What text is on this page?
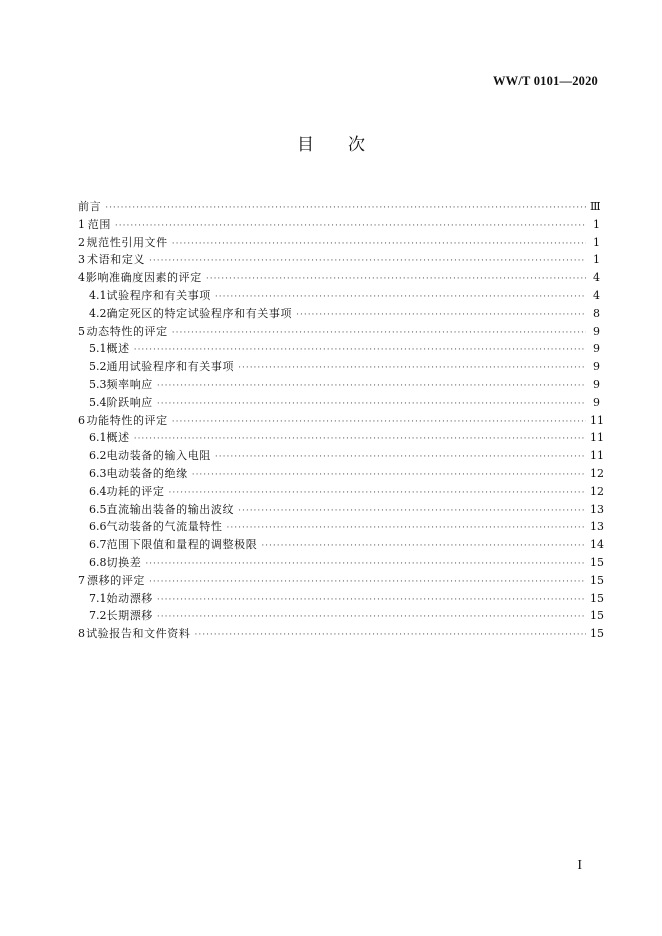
WW/T 0101—2020
目 次
前言 ·····	Ⅲ
1 范围 ·····	1
2 规范性引用文件 ·····	1
3 术语和定义 ·····	1
4 影响准确度因素的评定 ·····	4
4.1 试验程序和有关事项 ·····	4
4.2 确定死区的特定试验程序和有关事项 ·····	8
5 动态特性的评定 ·····	9
5.1 概述 ·····	9
5.2 通用试验程序和有关事项 ·····	9
5.3 频率响应 ·····	9
5.4 阶跃响应 ·····	9
6 功能特性的评定 ·····	11
6.1 概述 ·····	11
6.2 电动装备的输入电阻 ·····	11
6.3 电动装备的绝缘 ·····	12
6.4 功耗的评定 ·····	12
6.5 直流输出装备的输出波纹 ·····	13
6.6 气动装备的气流量特性 ·····	13
6.7 范围下限值和量程的调整极限 ·····	14
6.8 切换差 ·····	15
7 漂移的评定 ·····	15
7.1 始动漂移 ·····	15
7.2 长期漂移 ·····	15
8 试验报告和文件资料 ·····	15
I
